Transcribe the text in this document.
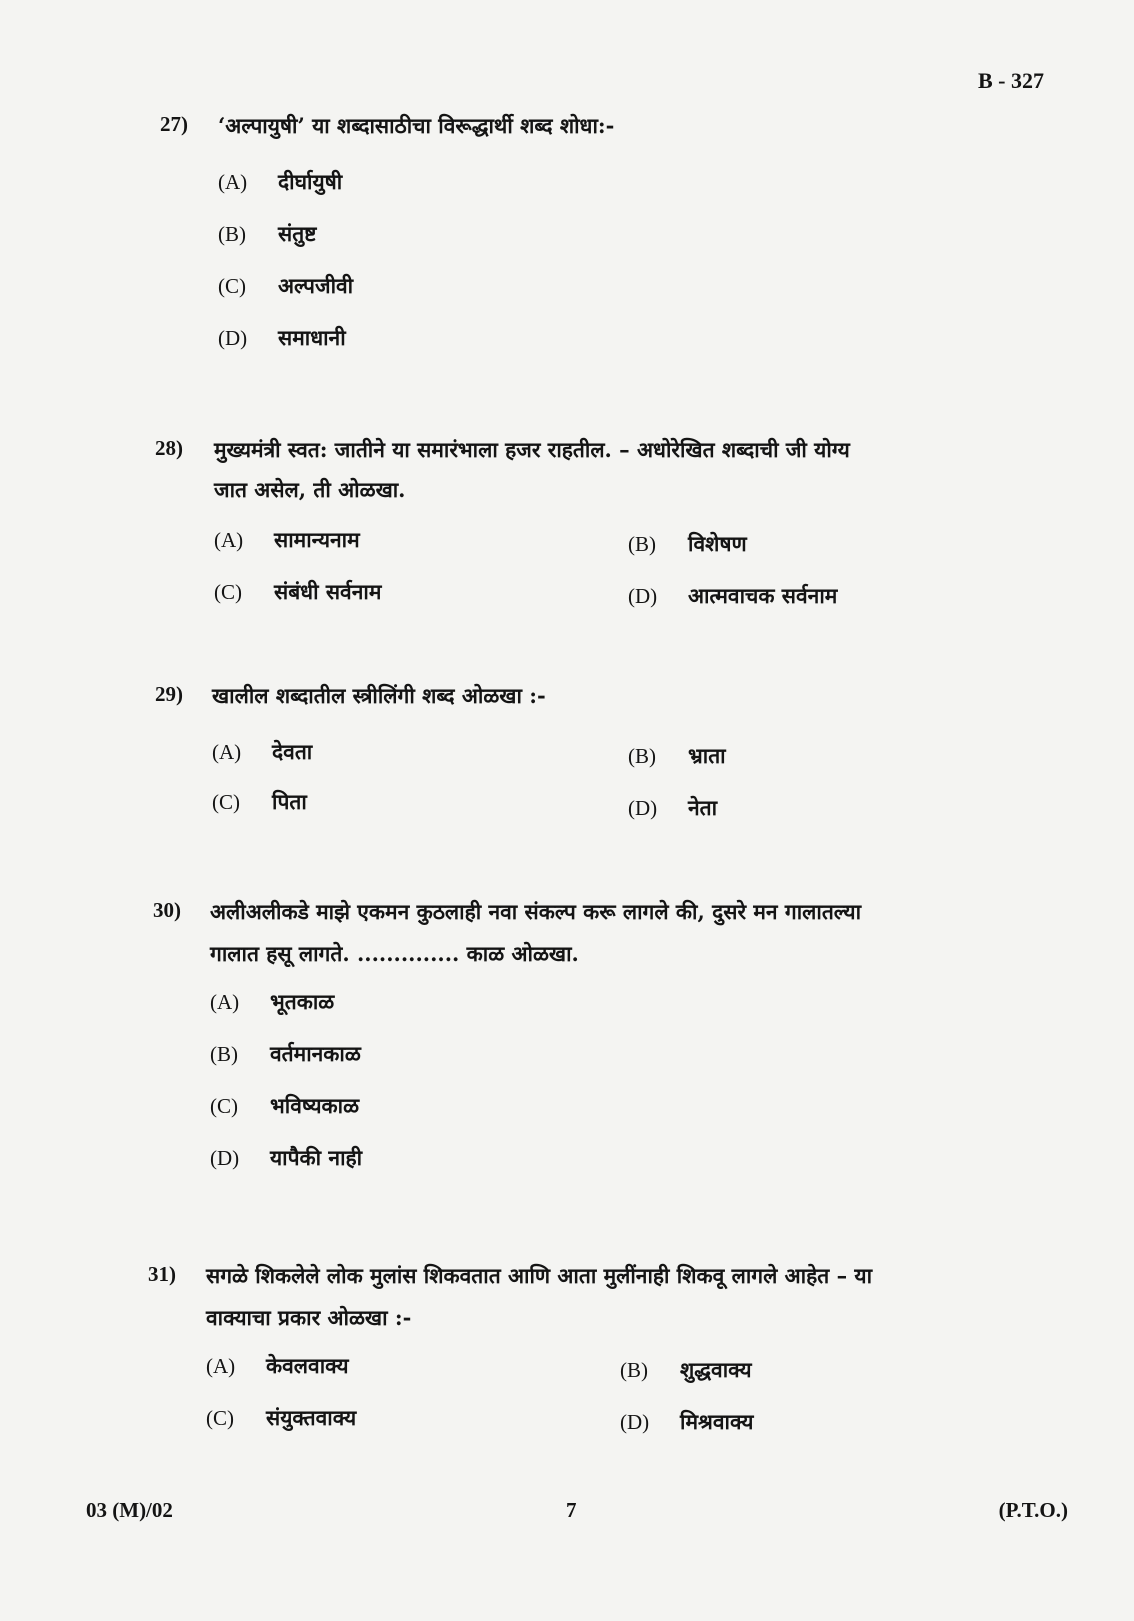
B - 327
27) ‘अल्पायुषी’ या शब्दासाठीचा विरूद्धार्थी शब्द शोधा:-
(A) दीर्घायुषी
(B) संतुष्ट
(C) अल्पजीवी
(D) समाधानी
28) मुख्यमंत्री स्वत: जातीने या समारंभाला हजर राहतील. – अधोरेखित शब्दाची जी योग्य
जात असेल, ती ओळखा.
(A) सामान्यनाम	(B) विशेषण
(C) संबंधी सर्वनाम	(D) आत्मवाचक सर्वनाम
29) खालील शब्दातील स्त्रीलिंगी शब्द ओळखा :-
(A) देवता	(B) भ्राता
(C) पिता	(D) नेता
30) अलीअलीकडे माझे एकमन कुठलाही नवा संकल्प करू लागले की, दुसरे मन गालातल्या
गालात हसू लागते. .............. काळ ओळखा.
(A) भूतकाळ
(B) वर्तमानकाळ
(C) भविष्यकाळ
(D) यापैकी नाही
31) सगळे शिकलेले लोक मुलांस शिकवतात आणि आता मुलींनाही शिकवू लागले आहेत – या
वाक्याचा प्रकार ओळखा :-
(A) केवलवाक्य	(B) शुद्धवाक्य
(C) संयुक्तवाक्य	(D) मिश्रवाक्य
03 (M)/02	7	(P.T.O.)
